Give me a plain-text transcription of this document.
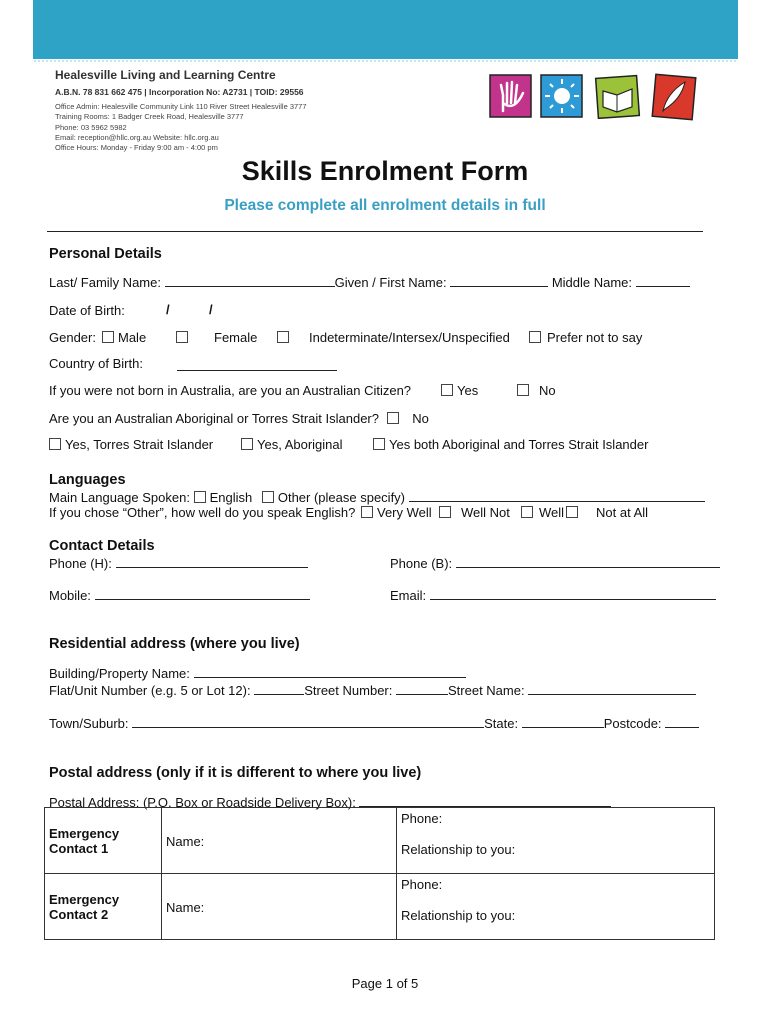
Healesville Living and Learning Centre
A.B.N. 78 831 662 475 | Incorporation No: A2731 | TOID: 29556
Office Admin: Healesville Community Link 110 River Street Healesville 3777
Training Rooms: 1 Badger Creek Road, Healesville 3777
Phone: 03 5962 5982
Email: reception@hllc.org.au Website: hllc.org.au
Office Hours: Monday - Friday 9:00 am - 4:00 pm
Skills Enrolment Form
Please complete all enrolment details in full
Personal Details
Last/ Family Name:	Given / First Name:	Middle Name:
Date of Birth:	/	/
Gender:	Male	Female	Indeterminate/Intersex/Unspecified	Prefer not to say
Country of Birth:
If you were not born in Australia, are you an Australian Citizen?	Yes	No
Are you an Australian Aboriginal or Torres Strait Islander?	No
Yes, Torres Strait Islander	Yes, Aboriginal	Yes both Aboriginal and Torres Strait Islander
Languages
Main Language Spoken: English Other (please specify)
If you chose “Other”, how well do you speak English?	Very Well	Well Not	Well	Not at All
Contact Details
Phone (H):	Phone (B):
Mobile:	Email:
Residential address (where you live)
Building/Property Name:
Flat/Unit Number (e.g. 5 or Lot 12):	Street Number:	Street Name:
Town/Suburb:	State:	Postcode:
Postal address (only if it is different to where you live)
Postal Address: (P.O. Box or Roadside Delivery Box):
Emergency Contact 1	Name:	Phone:
Relationship to you:

Emergency Contact 2	Name:	Phone:
Relationship to you:
Page 1 of 5
